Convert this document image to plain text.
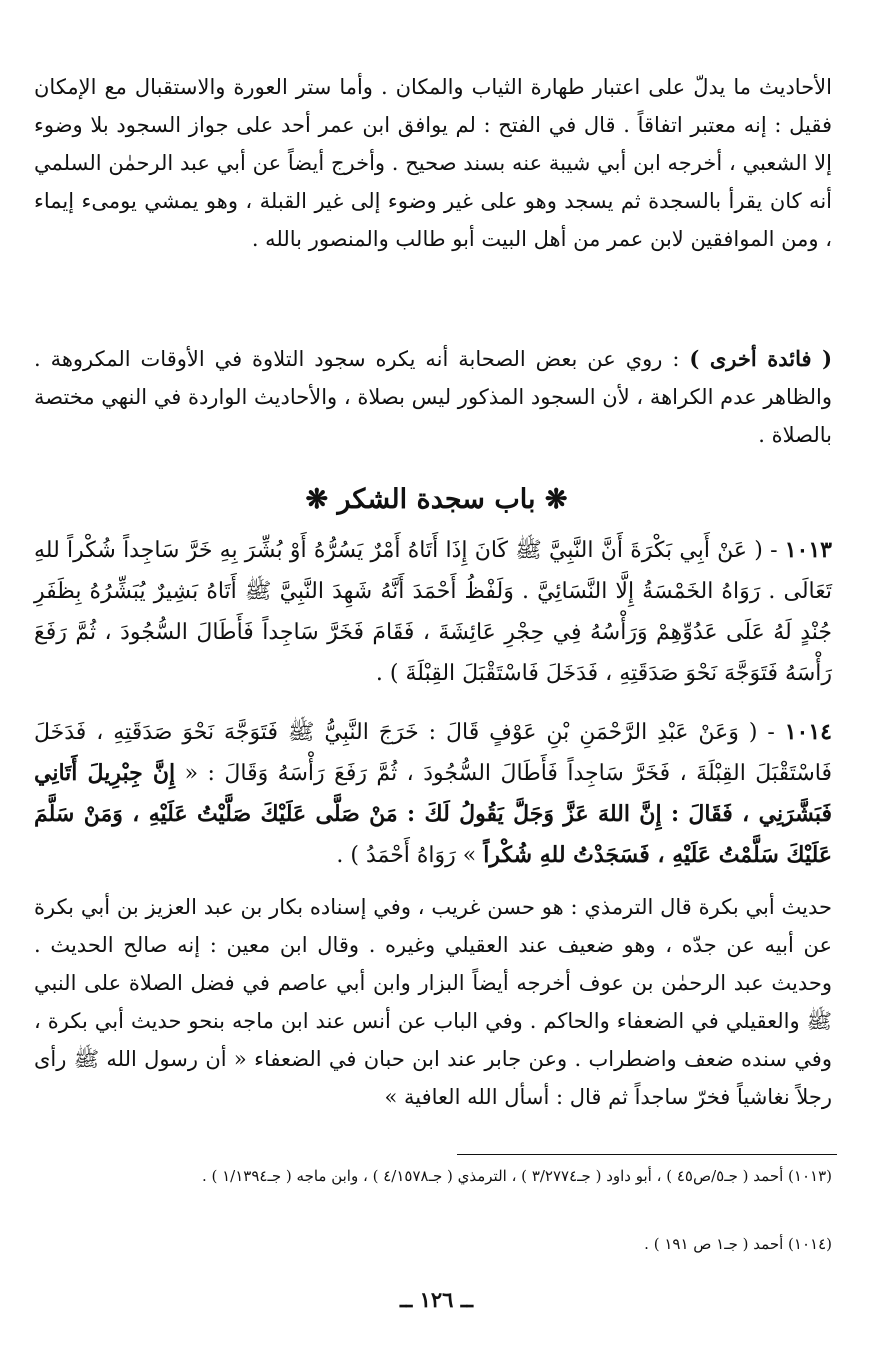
الأحاديث ما يدلّ على اعتبار طهارة الثياب والمكان . وأما ستر العورة والاستقبال مع الإمكان فقيل : إنه معتبر اتفاقاً . قال في الفتح : لم يوافق ابن عمر أحد على جواز السجود بلا وضوء إلا الشعبي ، أخرجه ابن أبي شيبة عنه بسند صحيح . وأخرج أيضاً عن أبي عبد الرحمٰن السلمي أنه كان يقرأ بالسجدة ثم يسجد وهو على غير وضوء إلى غير القبلة ، وهو يمشي يومىء إيماء ، ومن الموافقين لابن عمر من أهل البيت أبو طالب والمنصور بالله .

( فائدة أخرى ) : روي عن بعض الصحابة أنه يكره سجود التلاوة في الأوقات المكروهة . والظاهر عدم الكراهة ، لأن السجود المذكور ليس بصلاة ، والأحاديث الواردة في النهي مختصة بالصلاة .

❋ باب سجدة الشكر ❋

١٠١٣ - ( عَنْ أَبِي بَكْرَةَ أَنَّ النَّبِيَّ ﷺ كَانَ إِذَا أَتَاهُ أَمْرٌ يَسُرُّهُ أَوْ بُشِّرَ بِهِ خَرَّ سَاجِداً شُكْراً للهِ تَعَالَى . رَوَاهُ الخَمْسَةُ إِلَّا النَّسَائِيَّ . وَلَفْظُ أَحْمَدَ أَنَّهُ شَهِدَ النَّبِيَّ ﷺ أَتَاهُ بَشِيرٌ يُبَشِّرُهُ بِظَفَرِ جُنْدٍ لَهُ عَلَى عَدُوِّهِمْ وَرَأْسُهُ فِي حِجْرِ عَائِشَةَ ، فَقَامَ فَخَرَّ سَاجِداً فَأَطَالَ السُّجُودَ ، ثُمَّ رَفَعَ رَأْسَهُ فَتَوَجَّهَ نَحْوَ صَدَقَتِهِ ، فَدَخَلَ فَاسْتَقْبَلَ القِبْلَةَ ) .

١٠١٤ - ( وَعَنْ عَبْدِ الرَّحْمَنِ بْنِ عَوْفٍ قَالَ : خَرَجَ النَّبِيُّ ﷺ فَتَوَجَّهَ نَحْوَ صَدَقَتِهِ ، فَدَخَلَ فَاسْتَقْبَلَ القِبْلَةَ ، فَخَرَّ سَاجِداً فَأَطَالَ السُّجُودَ ، ثُمَّ رَفَعَ رَأْسَهُ وَقَالَ : « إِنَّ جِبْرِيلَ أَتَانِي فَبَشَّرَنِي ، فَقَالَ : إِنَّ اللهَ عَزَّ وَجَلَّ يَقُولُ لَكَ : مَنْ صَلَّى عَلَيْكَ صَلَّيْتُ عَلَيْهِ ، وَمَنْ سَلَّمَ عَلَيْكَ سَلَّمْتُ عَلَيْهِ ، فَسَجَدْتُ للهِ شُكْراً » رَوَاهُ أَحْمَدُ ) .

حديث أبي بكرة قال الترمذي : هو حسن غريب ، وفي إسناده بكار بن عبد العزيز بن أبي بكرة عن أبيه عن جدّه ، وهو ضعيف عند العقيلي وغيره . وقال ابن معين : إنه صالح الحديث . وحديث عبد الرحمٰن بن عوف أخرجه أيضاً البزار وابن أبي عاصم في فضل الصلاة على النبي ﷺ والعقيلي في الضعفاء والحاكم . وفي الباب عن أنس عند ابن ماجه بنحو حديث أبي بكرة ، وفي سنده ضعف واضطراب . وعن جابر عند ابن حبان في الضعفاء « أن رسول الله ﷺ رأى رجلاً نغاشياً فخرّ ساجداً ثم قال : أسأل الله العافية »

(١٠١٣) أحمد ( جـ٥/ص٤٥ ) ، أبو داود ( جـ٣/٢٧٧٤ ) ، الترمذي ( جـ٤/١٥٧٨ ) ، وابن ماجه ( جـ١/١٣٩٤ ) .
(١٠١٤) أحمد ( جـ١ ص ١٩١ ) .
ــ ١٢٦ ــ
